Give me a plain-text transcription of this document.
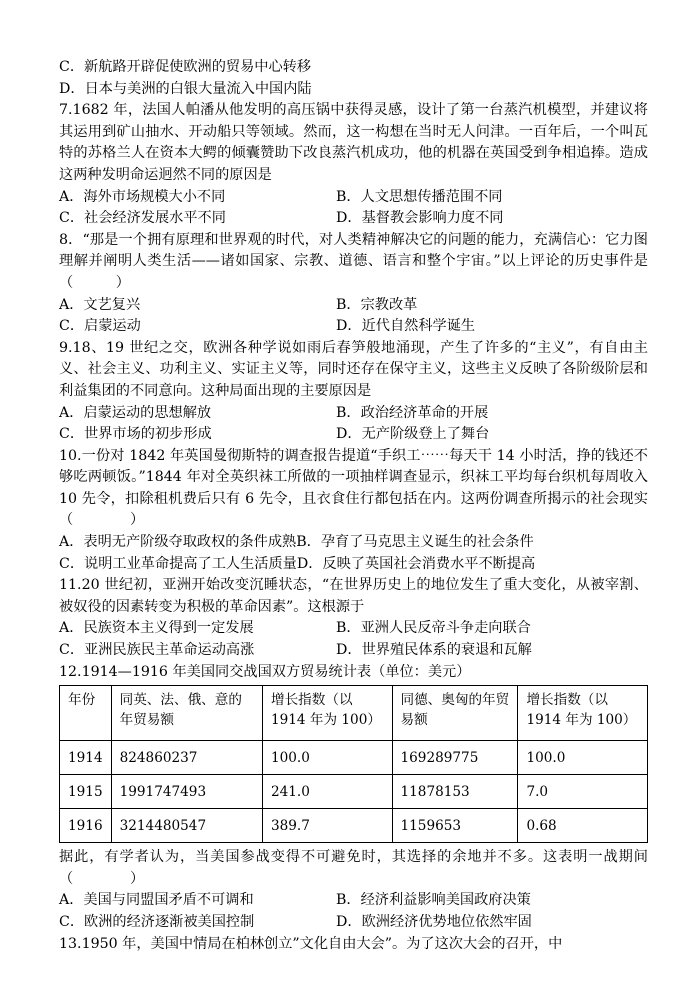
C．新航路开辟促使欧洲的贸易中心转移
D．日本与美洲的白银大量流入中国内陆
7.1682 年，法国人帕潘从他发明的高压锅中获得灵感，设计了第一台蒸汽机模型，并建议将其运用到矿山抽水、开动船只等领域。然而，这一构想在当时无人问津。一百年后，一个叫瓦特的苏格兰人在资本大鳄的倾囊赞助下改良蒸汽机成功，他的机器在英国受到争相追捧。造成这两种发明命运迥然不同的原因是
A．海外市场规模大小不同	B．人文思想传播范围不同
C．社会经济发展水平不同	D．基督教会影响力度不同
8．“那是一个拥有原理和世界观的时代，对人类精神解决它的问题的能力，充满信心：它力图理解并阐明人类生活——诸如国家、宗教、道德、语言和整个宇宙。”以上评论的历史事件是（　　　）
A．文艺复兴	B．宗教改革
C．启蒙运动	D．近代自然科学诞生
9.18、19 世纪之交，欧洲各种学说如雨后春笋般地涌现，产生了许多的“主义”，有自由主义、社会主义、功利主义、实证主义等，同时还存在保守主义，这些主义反映了各阶级阶层和利益集团的不同意向。这种局面出现的主要原因是
A．启蒙运动的思想解放	B．政治经济革命的开展
C．世界市场的初步形成	D．无产阶级登上了舞台
10.一份对 1842 年英国曼彻斯特的调查报告提道“手织工⋯⋯每天干 14 小时活，挣的钱还不够吃两顿饭。”1844 年对全英织袜工所做的一项抽样调查显示，织袜工平均每台织机每周收入 10 先令，扣除租机费后只有 6 先令，且衣食住行都包括在内。这两份调查所揭示的社会现实（　　　　）
A．表明无产阶级夺取政权的条件成熟 B．孕育了马克思主义诞生的社会条件
C．说明工业革命提高了工人生活质量 D．反映了英国社会消费水平不断提高
11.20 世纪初，亚洲开始改变沉睡状态，“在世界历史上的地位发生了重大变化，从被宰割、被奴役的因素转变为积极的革命因素”。这根源于
A．民族资本主义得到一定发展	B．亚洲人民反帝斗争走向联合
C．亚洲民族民主革命运动高涨	D．世界殖民体系的衰退和瓦解
12.1914—1916 年美国同交战国双方贸易统计表（单位：美元）
年份	同英、法、俄、意的年贸易额	增长指数（以 1914 年为 100）	同德、奥匈的年贸易额	增长指数（以 1914 年为 100）
1914	824860237	100.0	169289775	100.0
1915	1991747493	241.0	11878153	7.0
1916	3214480547	389.7	1159653	0.68
据此，有学者认为，当美国参战变得不可避免时，其选择的余地并不多。这表明一战期间（　　　　）
A．美国与同盟国矛盾不可调和	B．经济利益影响美国政府决策
C．欧洲的经济逐渐被美国控制	D．欧洲经济优势地位依然牢固
13.1950 年，美国中情局在柏林创立”文化自由大会”。为了这次大会的召开，中
